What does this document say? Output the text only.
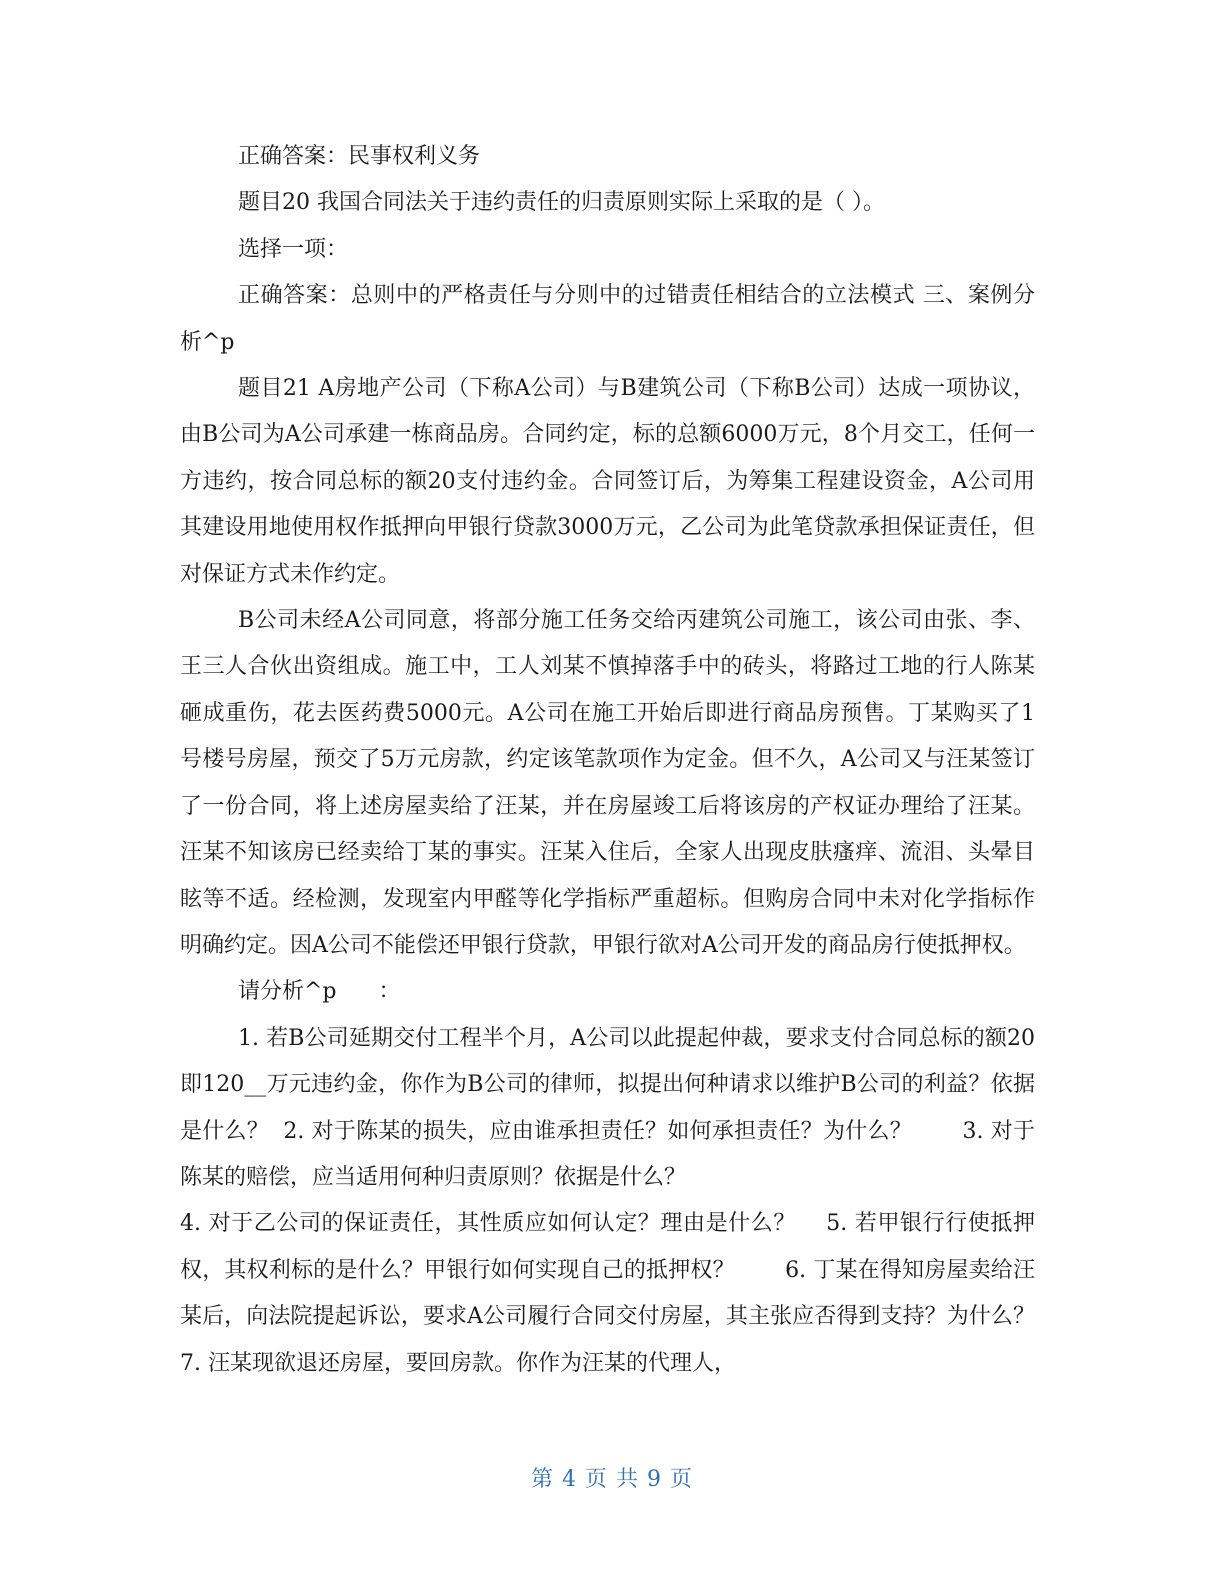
正确答案：民事权利义务

题目20 我国合同法关于违约责任的归责原则实际上采取的是（ ）。

选择一项：

正确答案：总则中的严格责任与分则中的过错责任相结合的立法模式 三、案例分析^p

题目21 A房地产公司（下称A公司）与B建筑公司（下称B公司）达成一项协议，由B公司为A公司承建一栋商品房。合同约定，标的总额6000万元，8个月交工，任何一方违约，按合同总标的额20支付违约金。合同签订后，为筹集工程建设资金，A公司用其建设用地使用权作抵押向甲银行贷款3000万元，乙公司为此笔贷款承担保证责任，但对保证方式未作约定。

B公司未经A公司同意，将部分施工任务交给丙建筑公司施工，该公司由张、李、王三人合伙出资组成。施工中，工人刘某不慎掉落手中的砖头，将路过工地的行人陈某砸成重伤，花去医药费5000元。A公司在施工开始后即进行商品房预售。丁某购买了1号楼号房屋，预交了5万元房款，约定该笔款项作为定金。但不久，A公司又与汪某签订了一份合同，将上述房屋卖给了汪某，并在房屋竣工后将该房的产权证办理给了汪某。汪某不知该房已经卖给丁某的事实。汪某入住后，全家人出现皮肤瘙痒、流泪、头晕目眩等不适。经检测，发现室内甲醛等化学指标严重超标。但购房合同中未对化学指标作明确约定。因A公司不能偿还甲银行贷款，甲银行欲对A公司开发的商品房行使抵押权。

请分析^p      ：

1. 若B公司延期交付工程半个月，A公司以此提起仲裁，要求支付合同总标的额20即120__万元违约金，你作为B公司的律师，拟提出何种请求以维护B公司的利益？依据是什么？  2. 对于陈某的损失，应由谁承担责任？如何承担责任？为什么？       3. 对于陈某的赔偿，应当适用何种归责原则？依据是什么？

4. 对于乙公司的保证责任，其性质应如何认定？理由是什么？    5. 若甲银行行使抵押权，其权利标的是什么？甲银行如何实现自己的抵押权？       6. 丁某在得知房屋卖给汪某后，向法院提起诉讼，要求A公司履行合同交付房屋，其主张应否得到支持？为什么？       7. 汪某现欲退还房屋，要回房款。你作为汪某的代理人，

第 4 页 共 9 页
